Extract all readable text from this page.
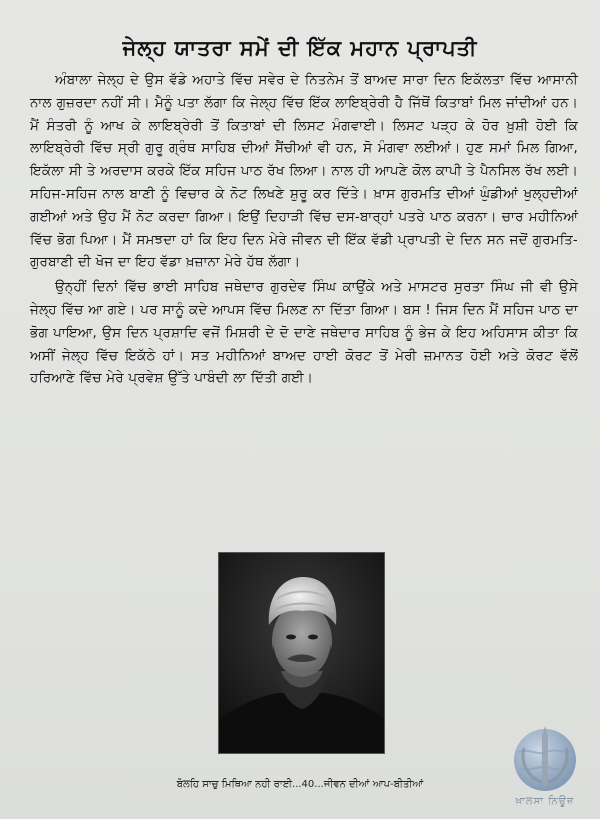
ਜੇਲ੍ਹ ਯਾਤਰਾ ਸਮੇਂ ਦੀ ਇੱਕ ਮਹਾਨ ਪ੍ਰਾਪਤੀ

ਅੰਬਾਲਾ ਜੇਲ੍ਹ ਦੇ ਉਸ ਵੱਡੇ ਅਹਾਤੇ ਵਿੱਚ ਸਵੇਰ ਦੇ ਨਿਤਨੇਮ ਤੋਂ ਬਾਅਦ ਸਾਰਾ ਦਿਨ ਇਕੱਲਤਾ ਵਿੱਚ ਆਸਾਨੀ ਨਾਲ ਗੁਜ਼ਰਦਾ ਨਹੀਂ ਸੀ। ਮੈਨੂੰ ਪਤਾ ਲੱਗਾ ਕਿ ਜੇਲ੍ਹ ਵਿੱਚ ਇੱਕ ਲਾਇਬ੍ਰੇਰੀ ਹੈ ਜਿੱਥੋਂ ਕਿਤਾਬਾਂ ਮਿਲ ਜਾਂਦੀਆਂ ਹਨ। ਮੈਂ ਸੰਤਰੀ ਨੂੰ ਆਖ ਕੇ ਲਾਇਬ੍ਰੇਰੀ ਤੋਂ ਕਿਤਾਬਾਂ ਦੀ ਲਿਸਟ ਮੰਗਵਾਈ। ਲਿਸਟ ਪੜ੍ਹ ਕੇ ਹੋਰ ਖ਼ੁਸ਼ੀ ਹੋਈ ਕਿ ਲਾਇਬ੍ਰੇਰੀ ਵਿੱਚ ਸ੍ਰੀ ਗੁਰੂ ਗ੍ਰੰਥ ਸਾਹਿਬ ਦੀਆਂ ਸੈਂਚੀਆਂ ਵੀ ਹਨ, ਸੋ ਮੰਗਵਾ ਲਈਆਂ। ਹੁਣ ਸਮਾਂ ਮਿਲ ਗਿਆ, ਇਕੱਲਾ ਸੀ ਤੇ ਅਰਦਾਸ ਕਰਕੇ ਇੱਕ ਸਹਿਜ ਪਾਠ ਰੱਖ ਲਿਆ। ਨਾਲ ਹੀ ਆਪਣੇ ਕੋਲ ਕਾਪੀ ਤੇ ਪੈਨਸਿਲ ਰੱਖ ਲਈ। ਸਹਿਜ-ਸਹਿਜ ਨਾਲ ਬਾਣੀ ਨੂੰ ਵਿਚਾਰ ਕੇ ਨੋਟ ਲਿਖਣੇ ਸ਼ੁਰੂ ਕਰ ਦਿੱਤੇ। ਖ਼ਾਸ ਗੁਰਮਤਿ ਦੀਆਂ ਘੁੰਡੀਆਂ ਖੁਲ੍ਹਦੀਆਂ ਗਈਆਂ ਅਤੇ ਉਹ ਮੈਂ ਨੋਟ ਕਰਦਾ ਗਿਆ। ਇਉਂ ਦਿਹਾੜੀ ਵਿੱਚ ਦਸ-ਬਾਰ੍ਹਾਂ ਪਤਰੇ ਪਾਠ ਕਰਨਾ। ਚਾਰ ਮਹੀਨਿਆਂ ਵਿੱਚ ਭੋਗ ਪਿਆ। ਮੈਂ ਸਮਝਦਾ ਹਾਂ ਕਿ ਇਹ ਦਿਨ ਮੇਰੇ ਜੀਵਨ ਦੀ ਇੱਕ ਵੱਡੀ ਪ੍ਰਾਪਤੀ ਦੇ ਦਿਨ ਸਨ ਜਦੋਂ ਗੁਰਮਤਿ-ਗੁਰਬਾਣੀ ਦੀ ਖੋਜ ਦਾ ਇਹ ਵੱਡਾ ਖ਼ਜ਼ਾਨਾ ਮੇਰੇ ਹੱਥ ਲੱਗਾ।

ਉਨ੍ਹੀਂ ਦਿਨਾਂ ਵਿੱਚ ਭਾਈ ਸਾਹਿਬ ਜਥੇਦਾਰ ਗੁਰਦੇਵ ਸਿੰਘ ਕਾਉਂਕੇ ਅਤੇ ਮਾਸਟਰ ਸੁਰਤਾ ਸਿੰਘ ਜੀ ਵੀ ਉਸੇ ਜੇਲ੍ਹ ਵਿੱਚ ਆ ਗਏ। ਪਰ ਸਾਨੂੰ ਕਦੇ ਆਪਸ ਵਿੱਚ ਮਿਲਣ ਨਾ ਦਿੱਤਾ ਗਿਆ। ਬਸ ! ਜਿਸ ਦਿਨ ਮੈਂ ਸਹਿਜ ਪਾਠ ਦਾ ਭੋਗ ਪਾਇਆ, ਉਸ ਦਿਨ ਪ੍ਰਸ਼ਾਦਿ ਵਜੋਂ ਮਿਸ਼ਰੀ ਦੇ ਦੋ ਦਾਣੇ ਜਥੇਦਾਰ ਸਾਹਿਬ ਨੂੰ ਭੇਜ ਕੇ ਇਹ ਅਹਿਸਾਸ ਕੀਤਾ ਕਿ ਅਸੀਂ ਜੇਲ੍ਹ ਵਿੱਚ ਇਕੱਠੇ ਹਾਂ। ਸਤ ਮਹੀਨਿਆਂ ਬਾਅਦ ਹਾਈ ਕੋਰਟ ਤੋਂ ਮੇਰੀ ਜ਼ਮਾਨਤ ਹੋਈ ਅਤੇ ਕੋਰਟ ਵੱਲੋਂ ਹਰਿਆਣੇ ਵਿੱਚ ਮੇਰੇ ਪ੍ਰਵੇਸ਼ ਉੱਤੇ ਪਾਬੰਦੀ ਲਾ ਦਿੱਤੀ ਗਈ।

ਬੋਲਹਿ ਸਾਚੁ ਮਿਥਿਆ ਨਹੀ ਰਾਈ...40...ਜੀਵਨ ਦੀਆਂ ਆਪ-ਬੀਤੀਆਂ
ਖ਼ਾਲਸਾ ਨਿਊਜ਼
